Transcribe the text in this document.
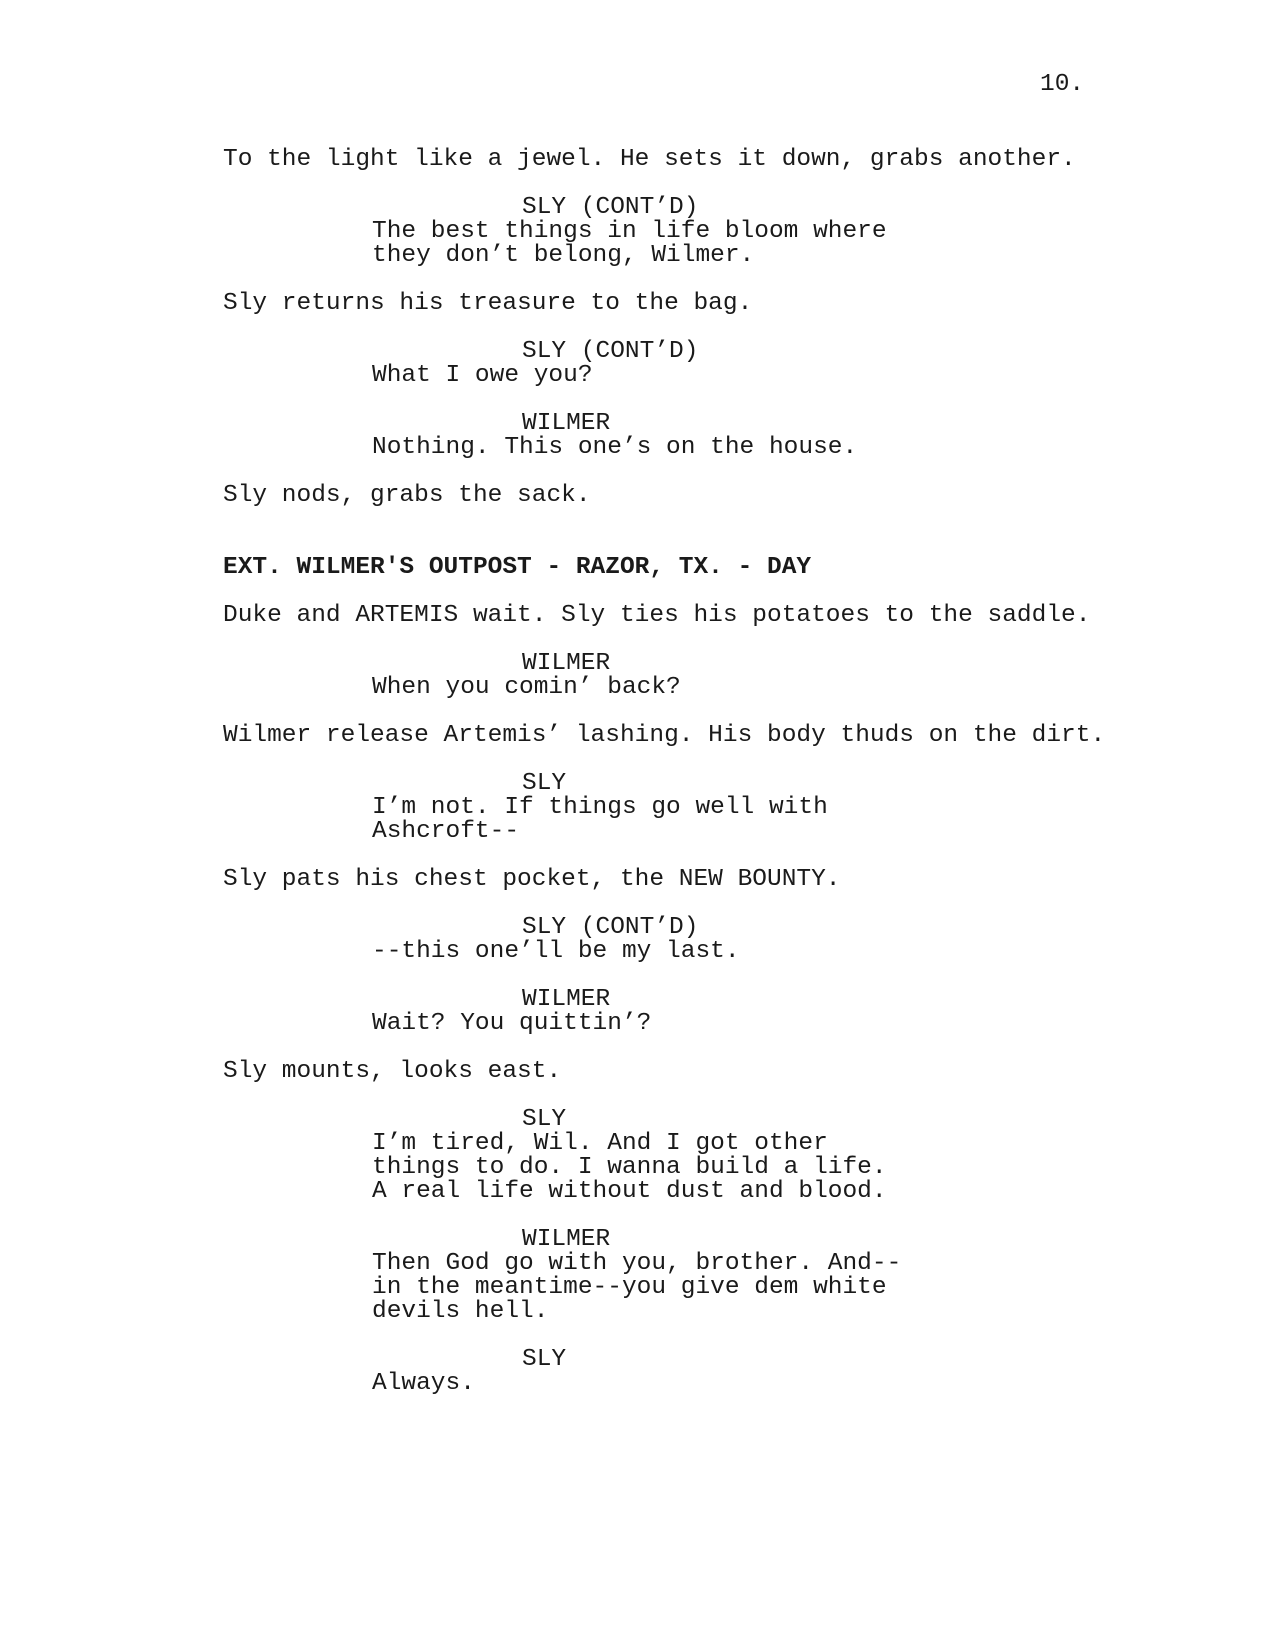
10.

To the light like a jewel. He sets it down, grabs another.

SLY (CONT’D)
The best things in life bloom where
they don’t belong, Wilmer.

Sly returns his treasure to the bag.

SLY (CONT’D)
What I owe you?
WILMER
Nothing. This one’s on the house.

Sly nods, grabs the sack.

EXT. WILMER'S OUTPOST - RAZOR, TX. - DAY

Duke and ARTEMIS wait. Sly ties his potatoes to the saddle.

WILMER
When you comin’ back?

Wilmer release Artemis’ lashing. His body thuds on the dirt.

SLY
I’m not. If things go well with
Ashcroft--

Sly pats his chest pocket, the NEW BOUNTY.

SLY (CONT’D)
--this one’ll be my last.
WILMER
Wait? You quittin’?

Sly mounts, looks east.

SLY
I’m tired, Wil. And I got other
things to do. I wanna build a life.
A real life without dust and blood.
WILMER
Then God go with you, brother. And--
in the meantime--you give dem white
devils hell.
SLY
Always.
